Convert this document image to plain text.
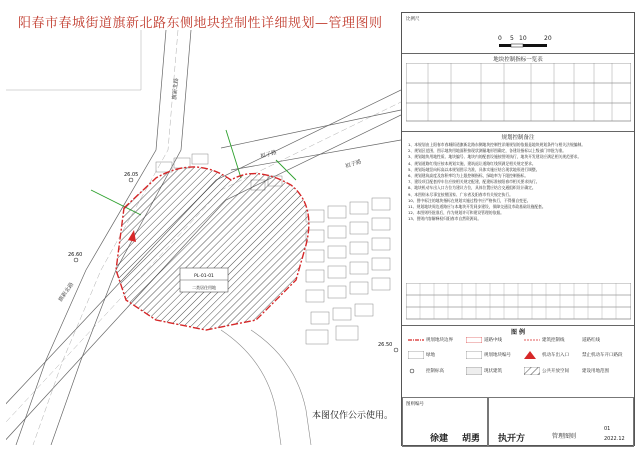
阳春市春城街道旗新北路东侧地块控制性详细规划—管理图则
PL-01-01
二类居住用地
26.05
26.60
26.50
旗新北路
旗新北路
拟子路
拟子路
本图仅作公示使用。
比例尺
0 5 10	20
地块控制指标一览表
规划控制备注
1、本规划由上阳春市春城街道旗新北路东侧地块控制性详细规划的依据是地块规划条件与相关法规编制。
2、规划区范围，图示地块用地面积按现状测量地形图确定，各建设指标以上级部门审批为准。
3、规划地块用地性质、地块编号、地块内的配套设施按图则执行，地块开发建设应满足相关规范要求。
4、规划道路红线应按本规划实施，建筑退让道路红线须满足相关规定要求。
5、规划场地竖向标高以本规划图示为准，具体实施应结合现状地形进行调整。
6、规划建筑高度及容积率均为上限控制指标，绿地率为下限控制指标。
7、建设项目配套停车位应按相关规定配建，配建标准按阳春市相关要求执行。
8、地块机动车出入口方位为建议方位，具体位置应结合交通组织设计确定。
9、本图则未尽事宜按照国家、广东省及阳春市有关规定执行。
10、图中标注的地块指标在规划实施过程中应严格执行，不得擅自变更。
11、规划地块周边道路应与本地块开发同步建设，保障交通及市政基础设施配套。
12、本图则经批准后，作为规划许可和建设管理的依据。
13、图则内容解释权归阳春市自然资源局。
图 例
规划地块边界	道路中线	建筑控制线	道路红线
绿地	规划地块编号	机动车出入口	禁止机动车开口路段
控制标高	现状建筑	公共开放空间	建设用地范围
图则编号
徐建 胡勇 执开方	管理图则
01
2022.12
